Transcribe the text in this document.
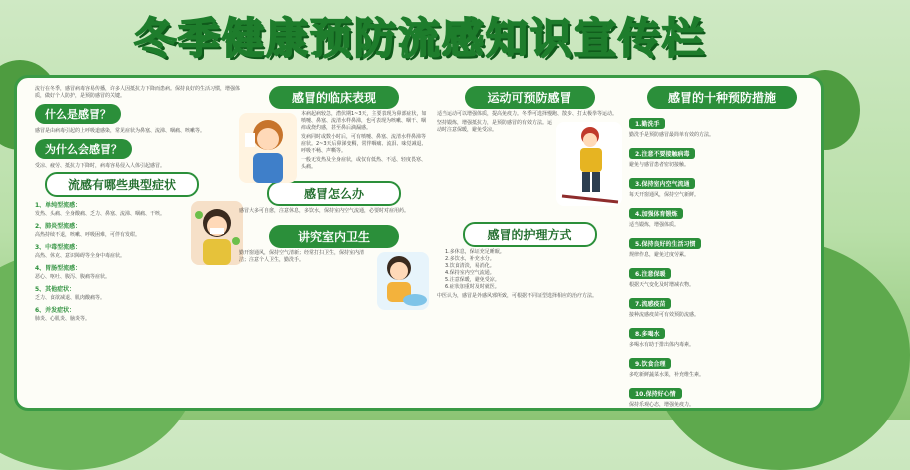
冬季健康预防流感知识宣传栏
流行在冬季，感冒病毒容易传播，许多人因抵抗力下降而患病。保持良好的生活习惯，增强体质，做好个人防护，是预防感冒的关键。
什么是感冒？
感冒是由病毒引起的上呼吸道感染，常见症状为鼻塞、流涕、咽痛、咳嗽等。
为什么会感冒？
受凉、疲劳、抵抗力下降时，病毒容易侵入人体引起感冒。
流感有哪些典型症状
1、单纯型流感：
发热、头痛、全身酸痛、乏力、鼻塞、流涕、咽痛、干咳。
2、肺炎型流感：
高热持续不退，咳嗽、呼吸困难，可伴有发绀。
3、中毒型流感：
高热、休克、意识障碍等全身中毒症状。
4、胃肠型流感：
恶心、呕吐、腹泻、腹痛等症状。
5、其他症状：
乏力、食欲减退、肌肉酸痛等。
6、并发症状：
肺炎、心肌炎、脑炎等。
感冒的临床表现
本病起病较急，潜伏期1~3天，主要表现为鼻部症状，如喷嚏、鼻塞、流清水样鼻涕，也可表现为咳嗽、咽干、咽痒或烧灼感，甚至鼻后滴漏感。
发病同时或数小时后，可有喷嚏、鼻塞、流清水样鼻涕等症状。2~3天后鼻涕变稠，常伴咽痛、流泪、味觉减退、呼吸不畅、声嘶等。
一般无发热及全身症状，或仅有低热、不适、轻度畏寒、头痛。
感冒怎么办
感冒大多可自愈，注意休息，多饮水，保持室内空气流通，必要时对症用药。
讲究室内卫生
勤开窗通风，保持空气清新；经常打扫卫生，保持室内清洁；注意个人卫生，勤洗手。
运动可预防感冒
适当运动可以增强体质，提高免疫力。冬季可选择慢跑、散步、打太极拳等运动。
坚持锻炼，增强抵抗力，是预防感冒的有效方法。运动时注意保暖，避免受凉。
感冒的护理方式
1.多休息，保证充足睡眠。
2.多饮水，补充水分。
3.饮食清淡，易消化。
4.保持室内空气流通。
5.注意保暖，避免受凉。
6.症状加重时及时就医。
中医认为，感冒是外感风邪所致，可根据不同证型选择相应的治疗方法。
感冒的十种预防措施
1.勤洗手
勤洗手是预防感冒最简单有效的方法。
2.注意不要接触病毒
避免与感冒患者密切接触。
3.保持室内空气流通
每天开窗通风，保持空气新鲜。
4.加强体育锻炼
适当锻炼，增强体质。
5.保持良好的生活习惯
规律作息，避免过度劳累。
6.注意保暖
根据天气变化及时增减衣物。
7.流感疫苗
接种流感疫苗可有效预防流感。
8.多喝水
多喝水有助于排出体内毒素。
9.饮食合理
多吃新鲜蔬菜水果，补充维生素。
10.保持好心情
保持乐观心态，增强免疫力。
